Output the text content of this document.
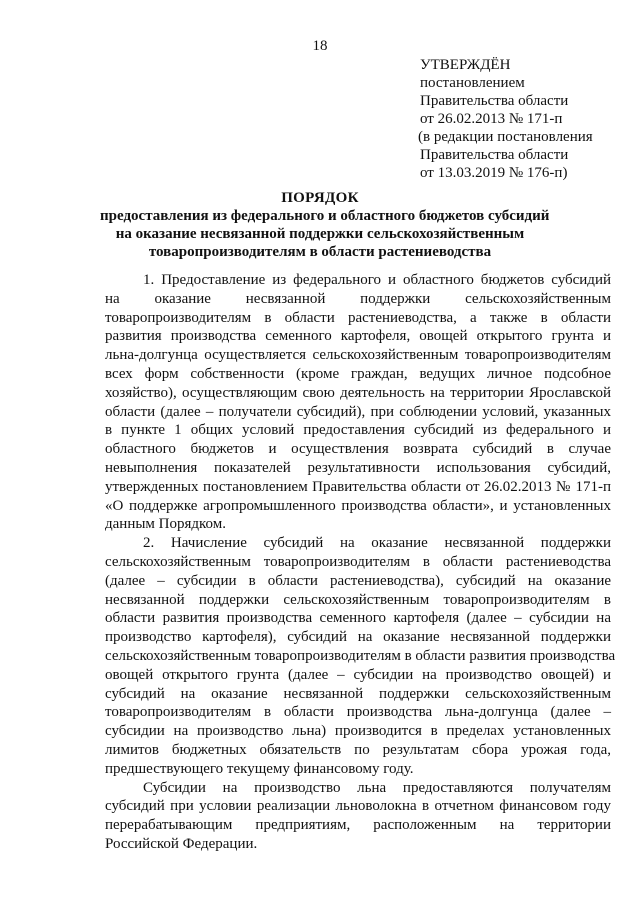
18
УТВЕРЖДЁН
постановлением
Правительства области
от 26.02.2013 № 171-п
(в редакции постановления
Правительства области
от 13.03.2019 № 176-п)
ПОРЯДОК
предоставления из федерального и областного бюджетов субсидий
на оказание несвязанной поддержки сельскохозяйственным
товаропроизводителям в области растениеводства
1. Предоставление из федерального и областного бюджетов субсидий
на оказание несвязанной поддержки сельскохозяйственным
товаропроизводителям в области растениеводства, а также в области
развития производства семенного картофеля, овощей открытого грунта и
льна-долгунца осуществляется сельскохозяйственным товаропроизводителям
всех форм собственности (кроме граждан, ведущих личное подсобное
хозяйство), осуществляющим свою деятельность на территории Ярославской
области (далее – получатели субсидий), при соблюдении условий, указанных
в пункте 1 общих условий предоставления субсидий из федерального и
областного бюджетов и осуществления возврата субсидий в случае
невыполнения показателей результативности использования субсидий,
утвержденных постановлением Правительства области от 26.02.2013 № 171-п
«О поддержке агропромышленного производства области», и установленных
данным Порядком.
2. Начисление субсидий на оказание несвязанной поддержки
сельскохозяйственным товаропроизводителям в области растениеводства
(далее – субсидии в области растениеводства), субсидий на оказание
несвязанной поддержки сельскохозяйственным товаропроизводителям в
области развития производства семенного картофеля (далее – субсидии на
производство картофеля), субсидий на оказание несвязанной поддержки
сельскохозяйственным товаропроизводителям в области развития производства
овощей открытого грунта (далее – субсидии на производство овощей) и
субсидий на оказание несвязанной поддержки сельскохозяйственным
товаропроизводителям в области производства льна-долгунца (далее –
субсидии на производство льна) производится в пределах установленных
лимитов бюджетных обязательств по результатам сбора урожая года,
предшествующего текущему финансовому году.
Субсидии на производство льна предоставляются получателям
субсидий при условии реализации льноволокна в отчетном финансовом году
перерабатывающим предприятиям, расположенным на территории
Российской Федерации.
